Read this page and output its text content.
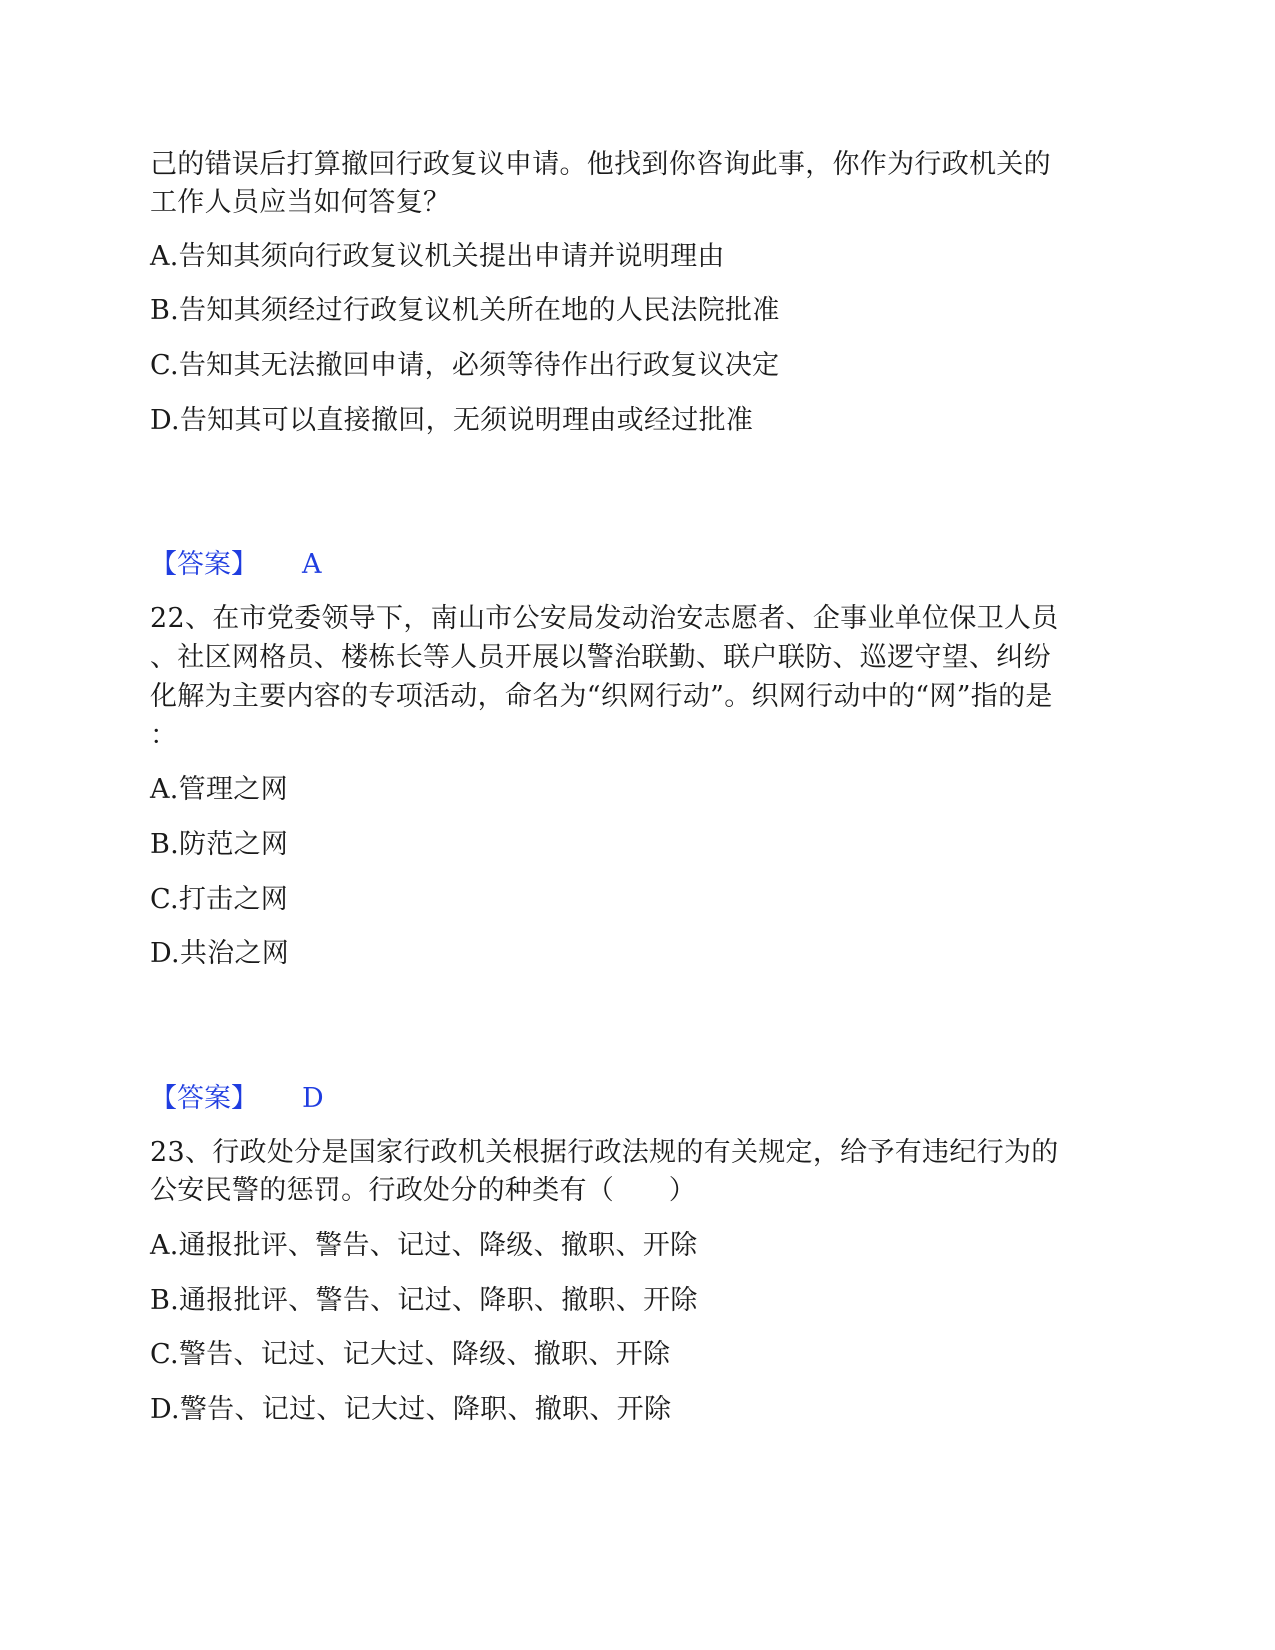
己的错误后打算撤回行政复议申请。他找到你咨询此事，你作为行政机关的
工作人员应当如何答复？
A.告知其须向行政复议机关提出申请并说明理由
B.告知其须经过行政复议机关所在地的人民法院批准
C.告知其无法撤回申请，必须等待作出行政复议决定
D.告知其可以直接撤回，无须说明理由或经过批准
【答案】 A
22、在市党委领导下，南山市公安局发动治安志愿者、企事业单位保卫人员
、社区网格员、楼栋长等人员开展以警治联勤、联户联防、巡逻守望、纠纷
化解为主要内容的专项活动，命名为“织网行动”。织网行动中的“网”指的是
：
A.管理之网
B.防范之网
C.打击之网
D.共治之网
【答案】 D
23、行政处分是国家行政机关根据行政法规的有关规定，给予有违纪行为的
公安民警的惩罚。行政处分的种类有（　　）
A.通报批评、警告、记过、降级、撤职、开除
B.通报批评、警告、记过、降职、撤职、开除
C.警告、记过、记大过、降级、撤职、开除
D.警告、记过、记大过、降职、撤职、开除
